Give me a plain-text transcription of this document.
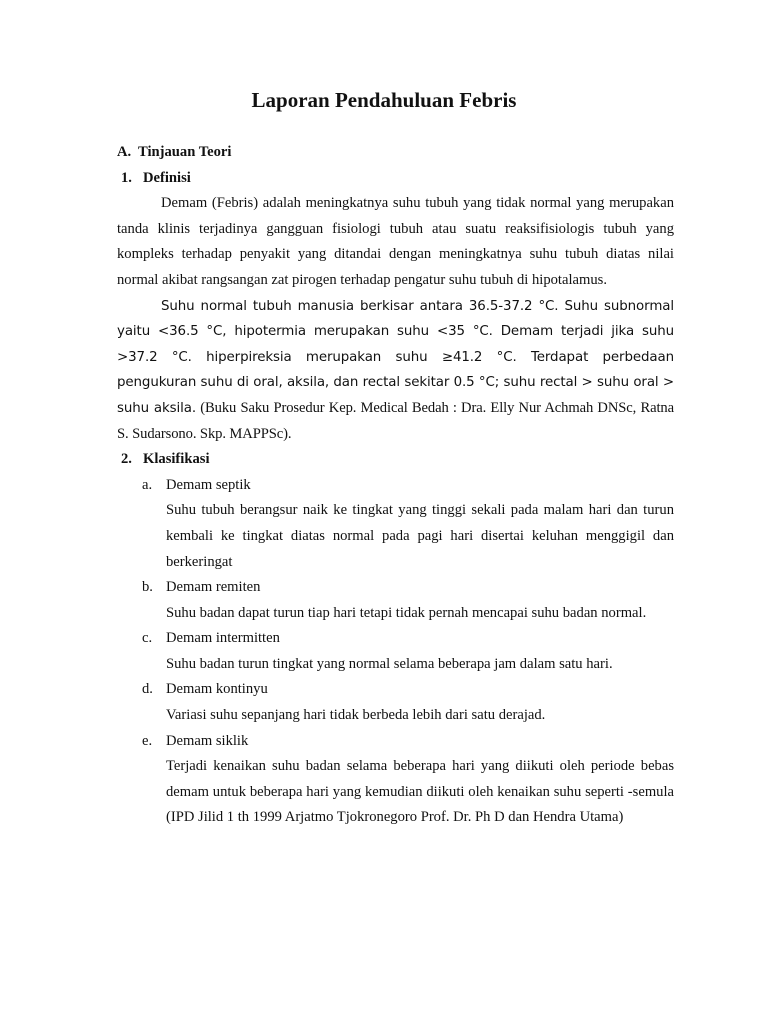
Laporan Pendahuluan Febris
A. Tinjauan Teori
1. Definisi

Demam (Febris) adalah meningkatnya suhu tubuh yang tidak normal yang merupakan tanda klinis terjadinya gangguan fisiologi tubuh atau suatu reaksifisiologis tubuh yang kompleks terhadap penyakit yang ditandai dengan meningkatnya suhu tubuh diatas nilai normal akibat rangsangan zat pirogen terhadap pengatur suhu tubuh di hipotalamus.

Suhu normal tubuh manusia berkisar antara 36.5-37.2 °C. Suhu subnormal yaitu <36.5 °C, hipotermia merupakan suhu <35 °C. Demam terjadi jika suhu >37.2 °C. hiperpireksia merupakan suhu ≥41.2 °C. Terdapat perbedaan pengukuran suhu di oral, aksila, dan rectal sekitar 0.5 °C; suhu rectal > suhu oral > suhu aksila. (Buku Saku Prosedur Kep. Medical Bedah : Dra. Elly Nur Achmah DNSc, Ratna S. Sudarsono. Skp. MAPPSc).

2. Klasifikasi
a. Demam septik

Suhu tubuh berangsur naik ke tingkat yang tinggi sekali pada malam hari dan turun kembali ke tingkat diatas normal pada pagi hari disertai keluhan menggigil dan berkeringat

b. Demam remiten

Suhu badan dapat turun tiap hari tetapi tidak pernah mencapai suhu badan normal.

c. Demam intermitten

Suhu badan turun tingkat yang normal selama beberapa jam dalam satu hari.

d. Demam kontinyu

Variasi suhu sepanjang hari tidak berbeda lebih dari satu derajad.

e. Demam siklik

Terjadi kenaikan suhu badan selama beberapa hari yang diikuti oleh periode bebas demam untuk beberapa hari yang kemudian diikuti oleh kenaikan suhu seperti -semula (IPD Jilid 1 th 1999 Arjatmo Tjokronegoro Prof. Dr. Ph D dan Hendra Utama)
